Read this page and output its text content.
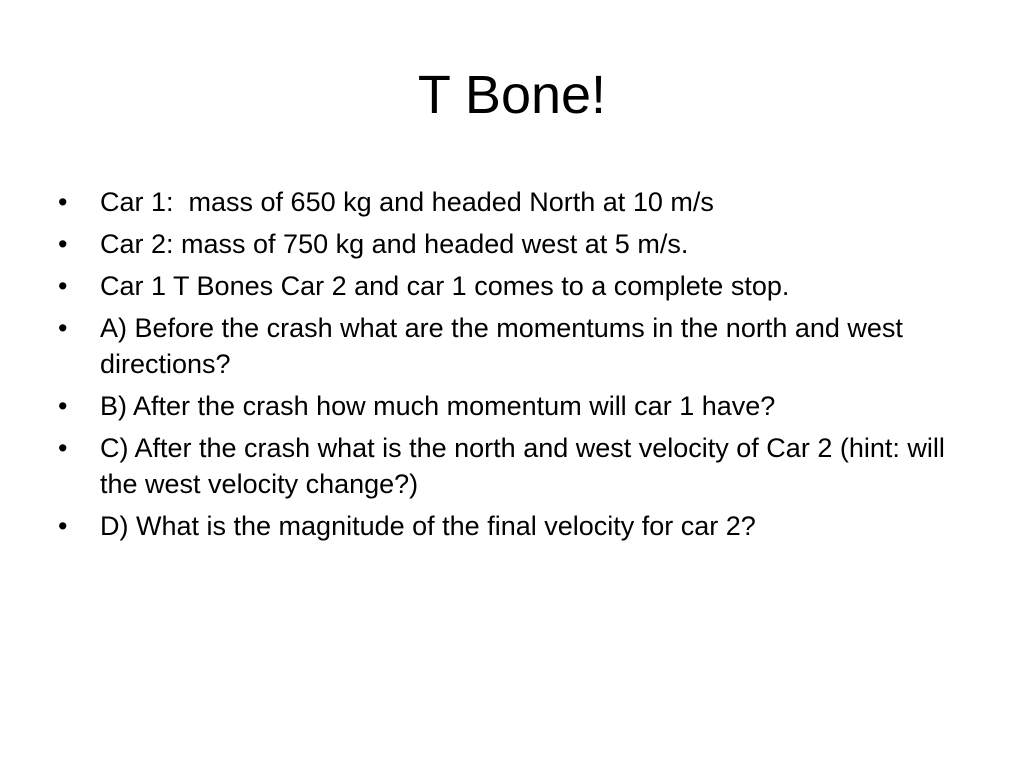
T Bone!
•	Car 1:  mass of 650 kg and headed North at 10 m/s
•	Car 2: mass of 750 kg and headed west at 5 m/s.
•	Car 1 T Bones Car 2 and car 1 comes to a complete stop.
•	A) Before the crash what are the momentums in the north and west directions?
•	B) After the crash how much momentum will car 1 have?
•	C) After the crash what is the north and west velocity of Car 2 (hint: will the west velocity change?)
•	D) What is the magnitude of the final velocity for car 2?
